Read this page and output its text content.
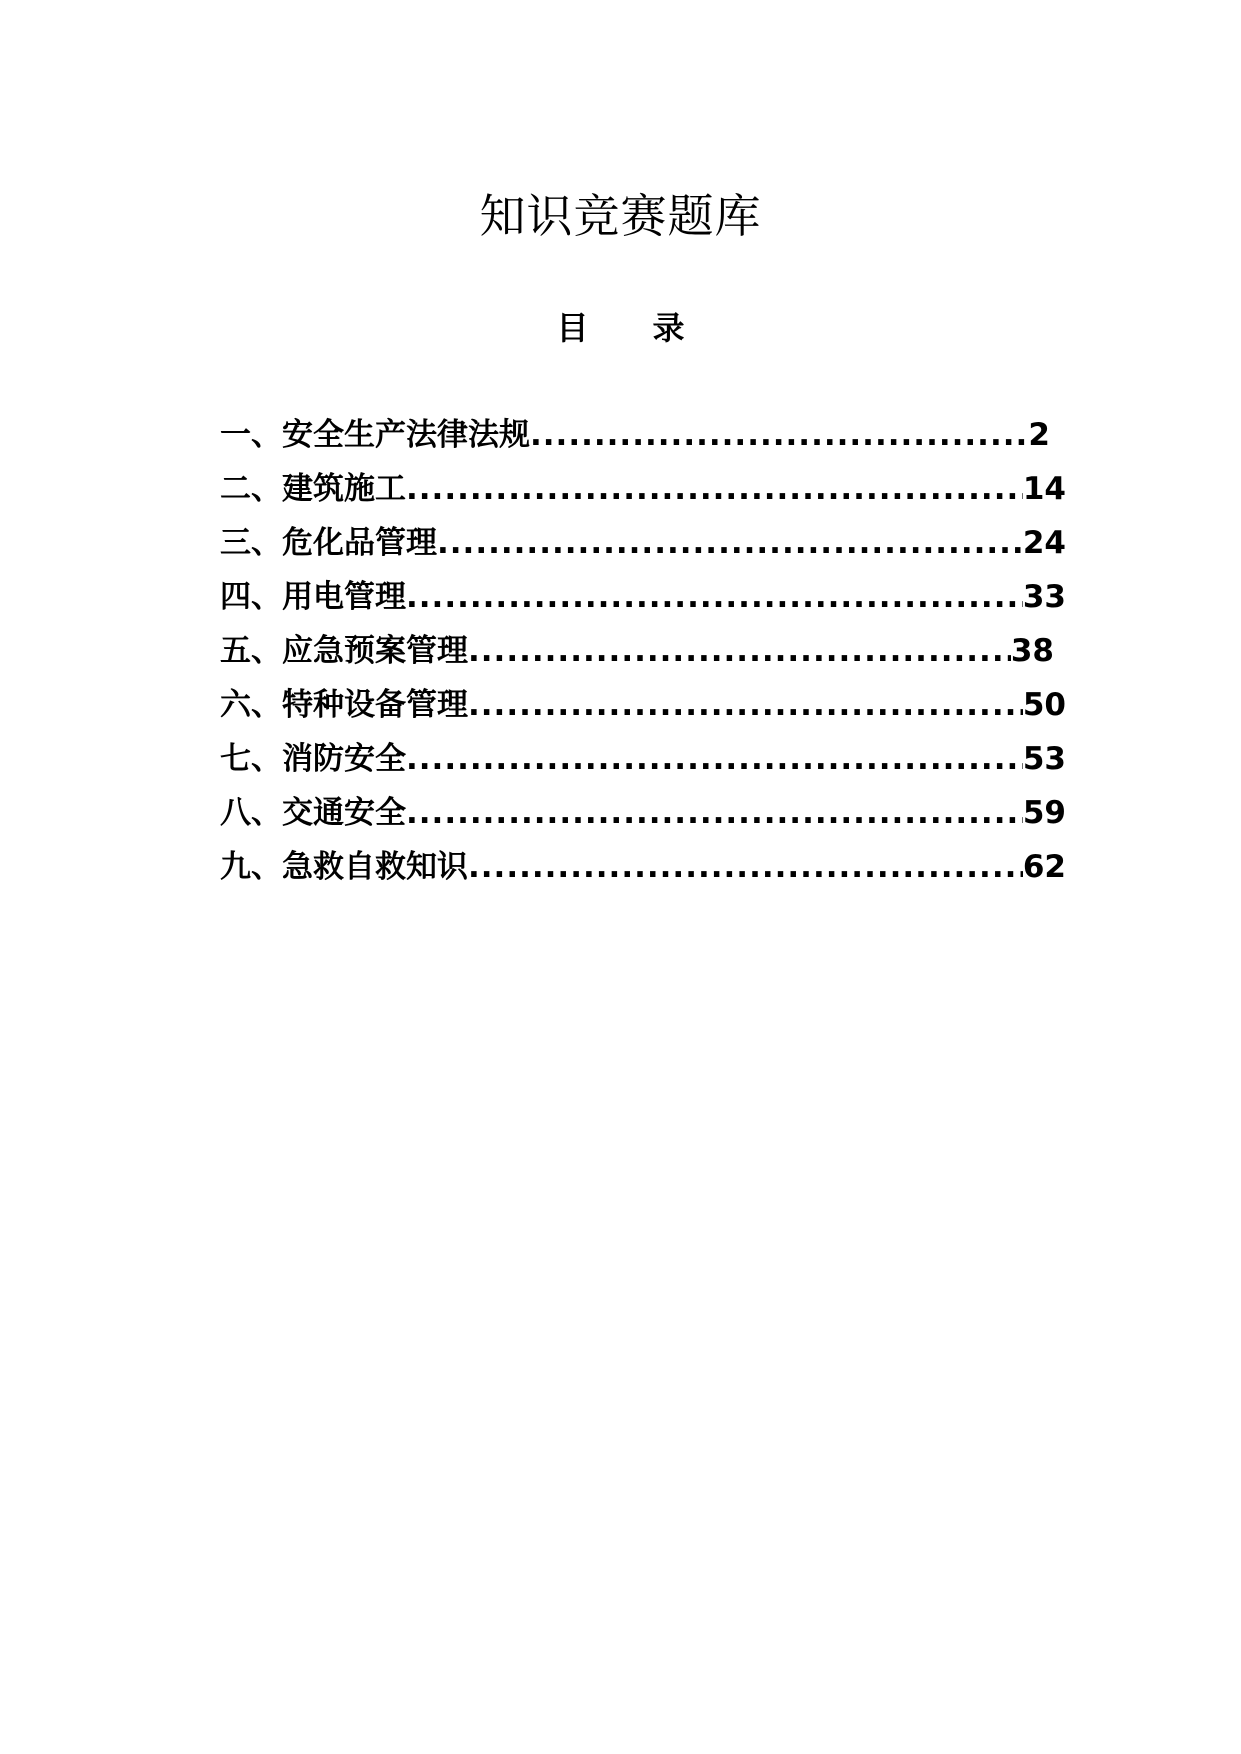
知识竞赛题库
目 录
一、安全生产法律法规 .....	2
二、建筑施工 .....	14
三、危化品管理 .....	24
四、用电管理 .....	33
五、应急预案管理 .....	38
六、特种设备管理 .....	50
七、消防安全 .....	53
八、交通安全 .....	59
九、急救自救知识 .....	62
